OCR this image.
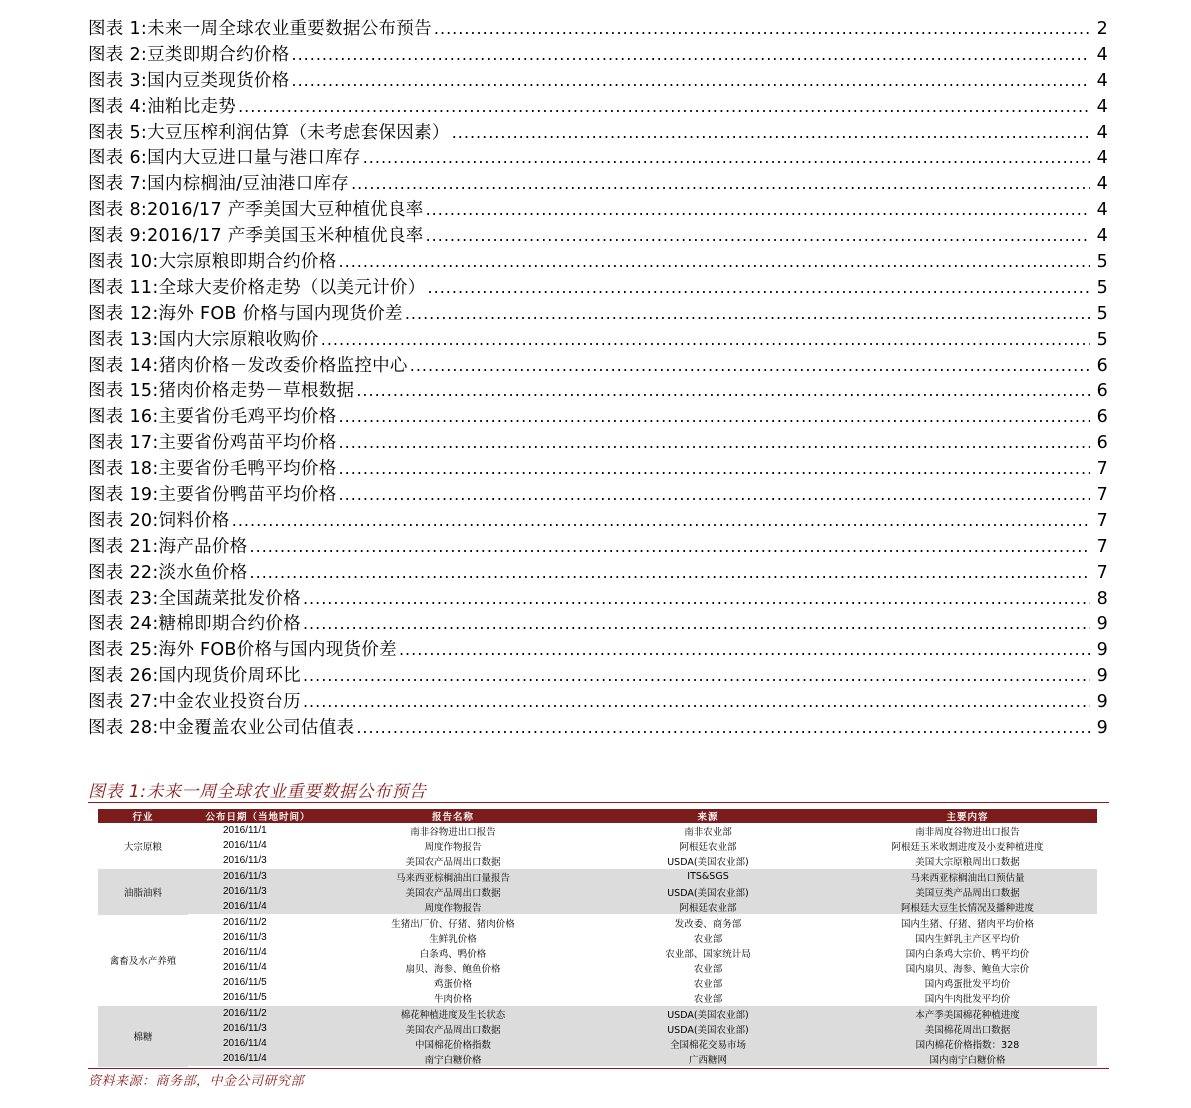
图表 1:未来一周全球农业重要数据公布预告 .....	2
图表 2:豆类即期合约价格 .....	4
图表 3:国内豆类现货价格 .....	4
图表 4:油粕比走势 .....	4
图表 5:大豆压榨利润估算（未考虑套保因素） .....	4
图表 6:国内大豆进口量与港口库存 .....	4
图表 7:国内棕榈油/豆油港口库存 .....	4
图表 8:2016/17 产季美国大豆种植优良率 .....	4
图表 9:2016/17 产季美国玉米种植优良率 .....	4
图表 10:大宗原粮即期合约价格 .....	5
图表 11:全球大麦价格走势（以美元计价） .....	5
图表 12:海外 FOB 价格与国内现货价差 .....	5
图表 13:国内大宗原粮收购价 .....	5
图表 14:猪肉价格－发改委价格监控中心 .....	6
图表 15:猪肉价格走势－草根数据 .....	6
图表 16:主要省份毛鸡平均价格 .....	6
图表 17:主要省份鸡苗平均价格 .....	6
图表 18:主要省份毛鸭平均价格 .....	7
图表 19:主要省份鸭苗平均价格 .....	7
图表 20:饲料价格 .....	7
图表 21:海产品价格 .....	7
图表 22:淡水鱼价格 .....	7
图表 23:全国蔬菜批发价格 .....	8
图表 24:糖棉即期合约价格 .....	9
图表 25:海外 FOB价格与国内现货价差 .....	9
图表 26:国内现货价周环比 .....	9
图表 27:中金农业投资台历 .....	9
图表 28:中金覆盖农业公司估值表 .....	9
图表 1:未来一周全球农业重要数据公布预告
行业	公布日期（当地时间）	报告名称	来源	主要内容
大宗原粮	2016/11/1	南非谷物进出口报告	南非农业部	南非周度谷物进出口报告
	2016/11/4	周度作物报告	阿根廷农业部	阿根廷玉米收割进度及小麦种植进度
	2016/11/3	美国农产品周出口数据	USDA(美国农业部)	美国大宗原粮周出口数据
油脂油料	2016/11/3	马来西亚棕榈油出口量报告	ITS&SGS	马来西亚棕榈油出口预估量
	2016/11/3	美国农产品周出口数据	USDA(美国农业部)	美国豆类产品周出口数据
	2016/11/4	周度作物报告	阿根廷农业部	阿根廷大豆生长情况及播种进度
禽畜及水产养殖	2016/11/2	生猪出厂价、仔猪、猪肉价格	发改委、商务部	国内生猪、仔猪、猪肉平均价格
	2016/11/3	生鲜乳价格	农业部	国内生鲜乳主产区平均价
	2016/11/4	白条鸡、鸭价格	农业部、国家统计局	国内白条鸡大宗价、鸭平均价
	2016/11/4	扇贝、海参、鲍鱼价格	农业部	国内扇贝、海参、鲍鱼大宗价
	2016/11/5	鸡蛋价格	农业部	国内鸡蛋批发平均价
	2016/11/5	牛肉价格	农业部	国内牛肉批发平均价
棉糖	2016/11/2	棉花种植进度及生长状态	USDA(美国农业部)	本产季美国棉花种植进度
	2016/11/3	美国农产品周出口数据	USDA(美国农业部)	美国棉花周出口数据
	2016/11/4	中国棉花价格指数	全国棉花交易市场	国内棉花价格指数：328
	2016/11/4	南宁白糖价格	广西糖网	国内南宁白糖价格
资料来源：商务部，中金公司研究部
